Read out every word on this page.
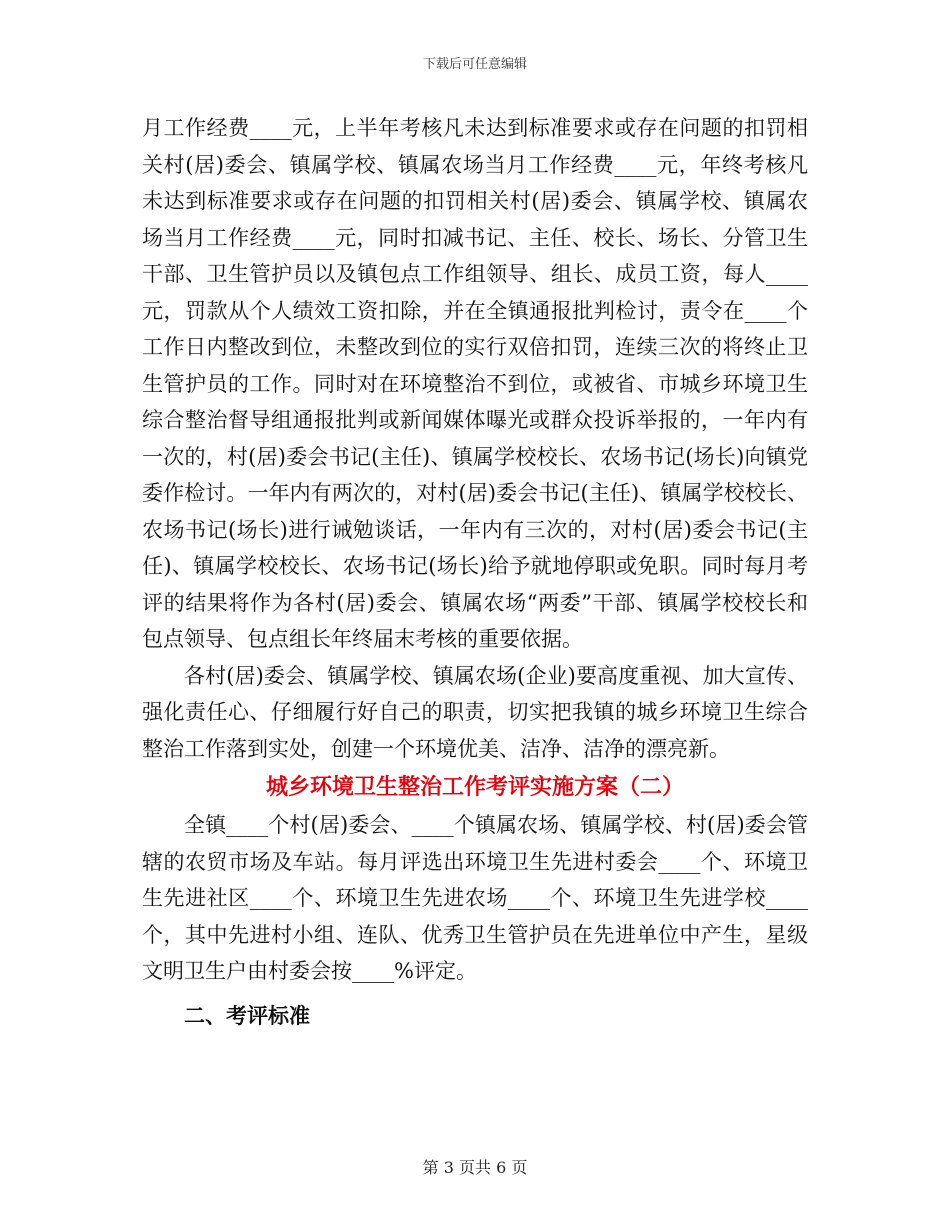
下载后可任意编辑

月工作经费____元，上半年考核凡未达到标准要求或存在问题的扣罚相关村(居)委会、镇属学校、镇属农场当月工作经费____元，年终考核凡未达到标准要求或存在问题的扣罚相关村(居)委会、镇属学校、镇属农场当月工作经费____元，同时扣减书记、主任、校长、场长、分管卫生干部、卫生管护员以及镇包点工作组领导、组长、成员工资，每人____元，罚款从个人绩效工资扣除，并在全镇通报批判检讨，责令在____个工作日内整改到位，未整改到位的实行双倍扣罚，连续三次的将终止卫生管护员的工作。同时对在环境整治不到位，或被省、市城乡环境卫生综合整治督导组通报批判或新闻媒体曝光或群众投诉举报的，一年内有一次的，村(居)委会书记(主任)、镇属学校校长、农场书记(场长)向镇党委作检讨。一年内有两次的，对村(居)委会书记(主任)、镇属学校校长、农场书记(场长)进行诫勉谈话，一年内有三次的，对村(居)委会书记(主任)、镇属学校校长、农场书记(场长)给予就地停职或免职。同时每月考评的结果将作为各村(居)委会、镇属农场“两委”干部、镇属学校校长和包点领导、包点组长年终届末考核的重要依据。

各村(居)委会、镇属学校、镇属农场(企业)要高度重视、加大宣传、强化责任心、仔细履行好自己的职责，切实把我镇的城乡环境卫生综合整治工作落到实处，创建一个环境优美、洁净、洁净的漂亮新。

城乡环境卫生整治工作考评实施方案（二）

全镇____个村(居)委会、____个镇属农场、镇属学校、村(居)委会管辖的农贸市场及车站。每月评选出环境卫生先进村委会____个、环境卫生先进社区____个、环境卫生先进农场____个、环境卫生先进学校____个，其中先进村小组、连队、优秀卫生管护员在先进单位中产生，星级文明卫生户由村委会按____%评定。

二、考评标准
第 3 页共 6 页
